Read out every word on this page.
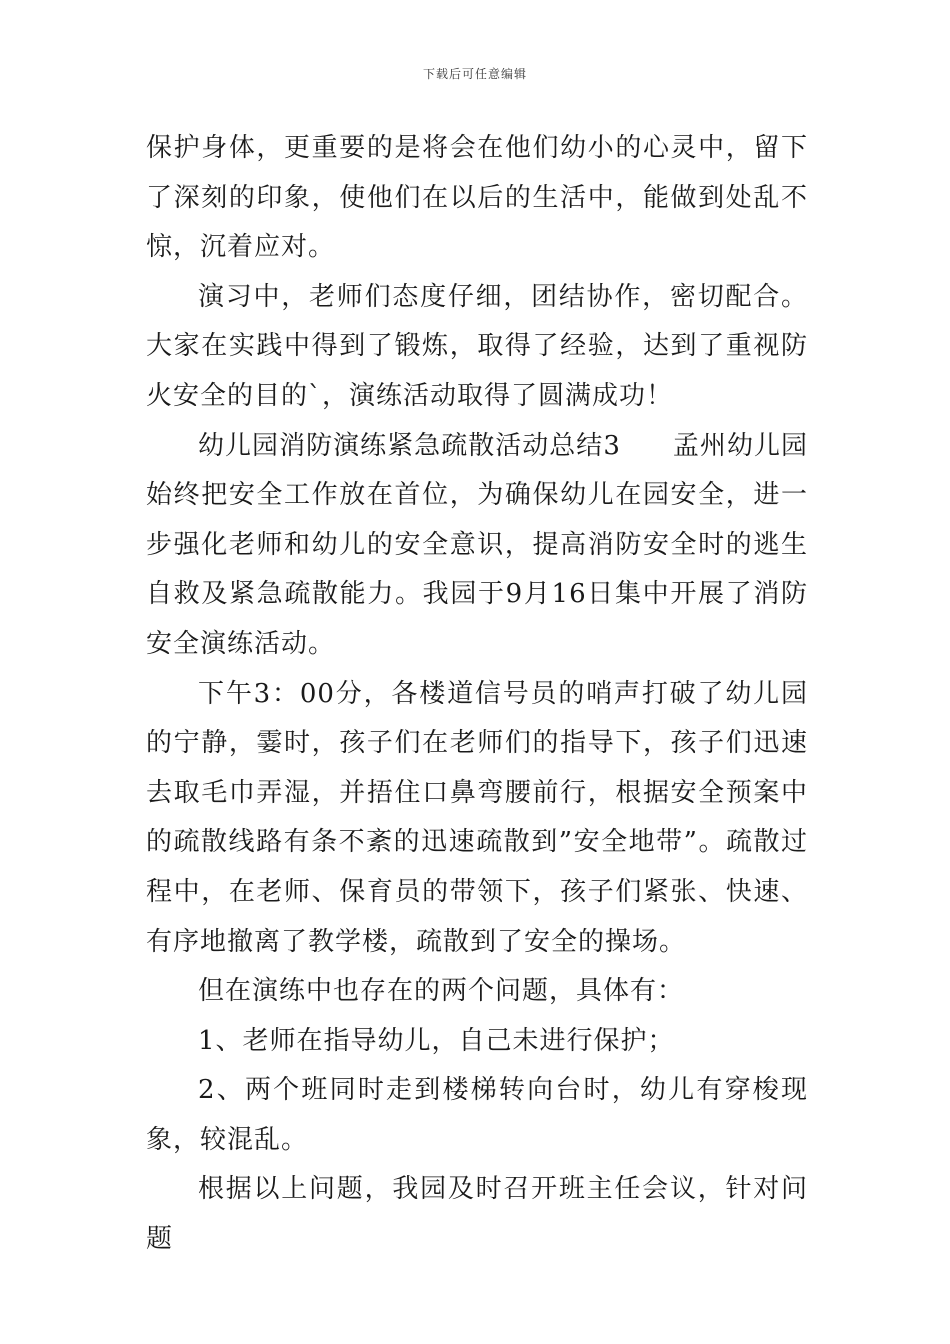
下载后可任意编辑

保护身体，更重要的是将会在他们幼小的心灵中，留下了深刻的印象，使他们在以后的生活中，能做到处乱不惊，沉着应对。

演习中，老师们态度仔细，团结协作，密切配合。大家在实践中得到了锻炼，取得了经验，达到了重视防火安全的目的`，演练活动取得了圆满成功！

幼儿园消防演练紧急疏散活动总结3 孟州幼儿园始终把安全工作放在首位，为确保幼儿在园安全，进一步强化老师和幼儿的安全意识，提高消防安全时的逃生自救及紧急疏散能力。我园于9月16日集中开展了消防安全演练活动。

下午3：00分，各楼道信号员的哨声打破了幼儿园的宁静，霎时，孩子们在老师们的指导下，孩子们迅速去取毛巾弄湿，并捂住口鼻弯腰前行，根据安全预案中的疏散线路有条不紊的迅速疏散到”安全地带”。疏散过程中，在老师、保育员的带领下，孩子们紧张、快速、有序地撤离了教学楼，疏散到了安全的操场。

但在演练中也存在的两个问题，具体有：

1、老师在指导幼儿，自己未进行保护；

2、两个班同时走到楼梯转向台时，幼儿有穿梭现象，较混乱。

根据以上问题，我园及时召开班主任会议，针对问题
